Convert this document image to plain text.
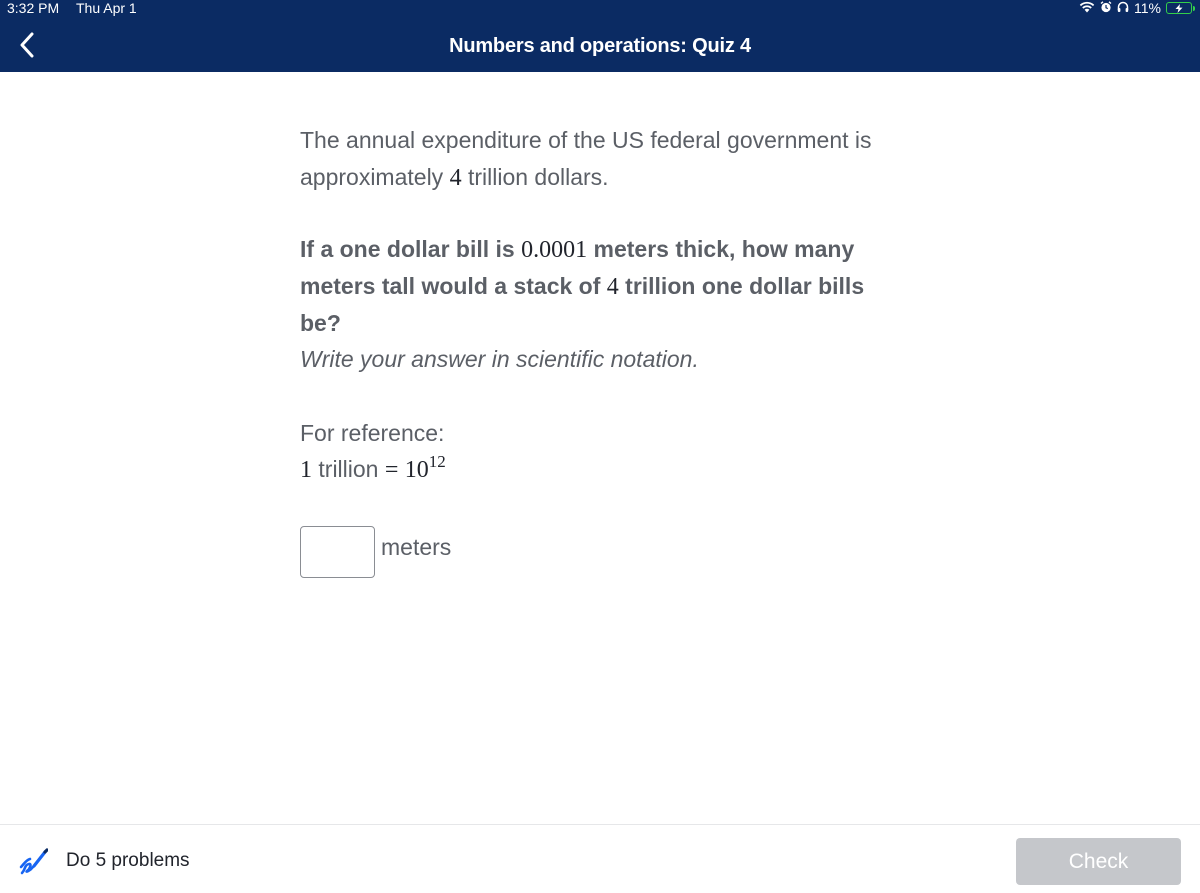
3:32 PM Thu Apr 1	11%
Numbers and operations: Quiz 4

The annual expenditure of the US federal government is approximately 4 trillion dollars.

If a one dollar bill is 0.0001 meters thick, how many meters tall would a stack of 4 trillion one dollar bills be?

Write your answer in scientific notation.

For reference:

1 trillion = $10^{12}$

meters
Do 5 problems	Check
